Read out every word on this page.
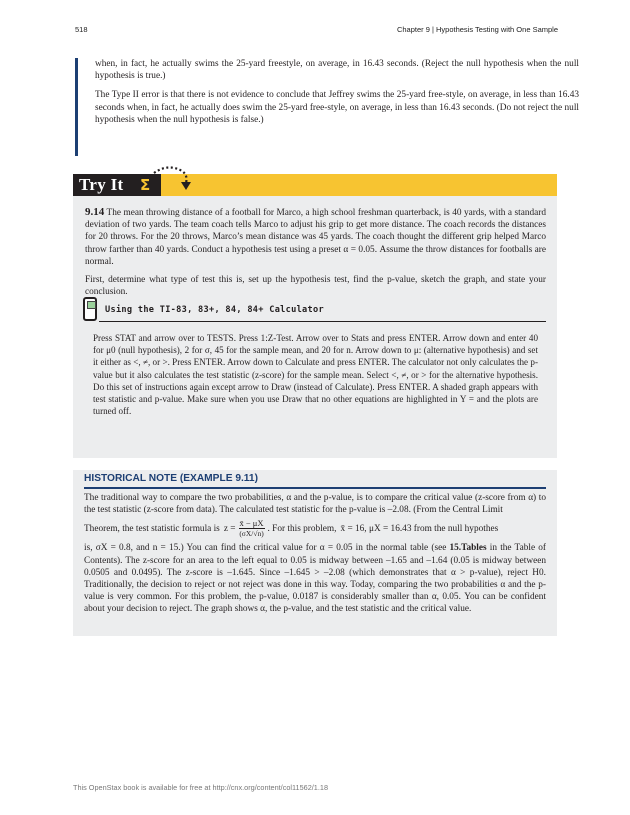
518	Chapter 9 | Hypothesis Testing with One Sample

when, in fact, he actually swims the 25-yard freestyle, on average, in 16.43 seconds. (Reject the null hypothesis when the null hypothesis is true.)

The Type II error is that there is not evidence to conclude that Jeffrey swims the 25-yard free-style, on average, in less than 16.43 seconds when, in fact, he actually does swim the 25-yard free-style, on average, in less than 16.43 seconds. (Do not reject the null hypothesis when the null hypothesis is false.)

Try It Σ

9.14 The mean throwing distance of a football for Marco, a high school freshman quarterback, is 40 yards, with a standard deviation of two yards. The team coach tells Marco to adjust his grip to get more distance. The coach records the distances for 20 throws. For the 20 throws, Marco’s mean distance was 45 yards. The coach thought the different grip helped Marco throw farther than 40 yards. Conduct a hypothesis test using a preset α = 0.05. Assume the throw distances for footballs are normal.

First, determine what type of test this is, set up the hypothesis test, find the p-value, sketch the graph, and state your conclusion.

Using the TI-83, 83+, 84, 84+ Calculator
Press STAT and arrow over to TESTS. Press 1:Z-Test. Arrow over to Stats and press ENTER. Arrow down and enter 40 for μ0 (null hypothesis), 2 for σ, 45 for the sample mean, and 20 for n. Arrow down to μ: (alternative hypothesis) and set it either as <, ≠, or >. Press ENTER. Arrow down to Calculate and press ENTER. The calculator not only calculates the p-value but it also calculates the test statistic (z-score) for the sample mean. Select <, ≠, or > for the alternative hypothesis. Do this set of instructions again except arrow to Draw (instead of Calculate). Press ENTER. A shaded graph appears with test statistic and p-value. Make sure when you use Draw that no other equations are highlighted in Y = and the plots are turned off.
HISTORICAL NOTE (EXAMPLE 9.11)
The traditional way to compare the two probabilities, α and the p-value, is to compare the critical value (z-score from α) to the test statistic (z-score from data). The calculated test statistic for the p-value is –2.08. (From the Central Limit
Theorem, the test statistic formula is $z = \frac{x̄ - \mu X}{(\sigma X/√n)}$ . For this problem, x̄ = 16, μX = 16.43 from the null hypothes
is, σX = 0.8, and n = 15.) You can find the critical value for α = 0.05 in the normal table (see 15.Tables in the Table of Contents). The z-score for an area to the left equal to 0.05 is midway between –1.65 and –1.64 (0.05 is midway between 0.0505 and 0.0495). The z-score is –1.645. Since –1.645 > –2.08 (which demonstrates that α > p-value), reject H0. Traditionally, the decision to reject or not reject was done in this way. Today, comparing the two probabilities α and the p-value is very common. For this problem, the p-value, 0.0187 is considerably smaller than α, 0.05. You can be confident about your decision to reject. The graph shows α, the p-value, and the test statistic and the critical value.
This OpenStax book is available for free at http://cnx.org/content/col11562/1.18
